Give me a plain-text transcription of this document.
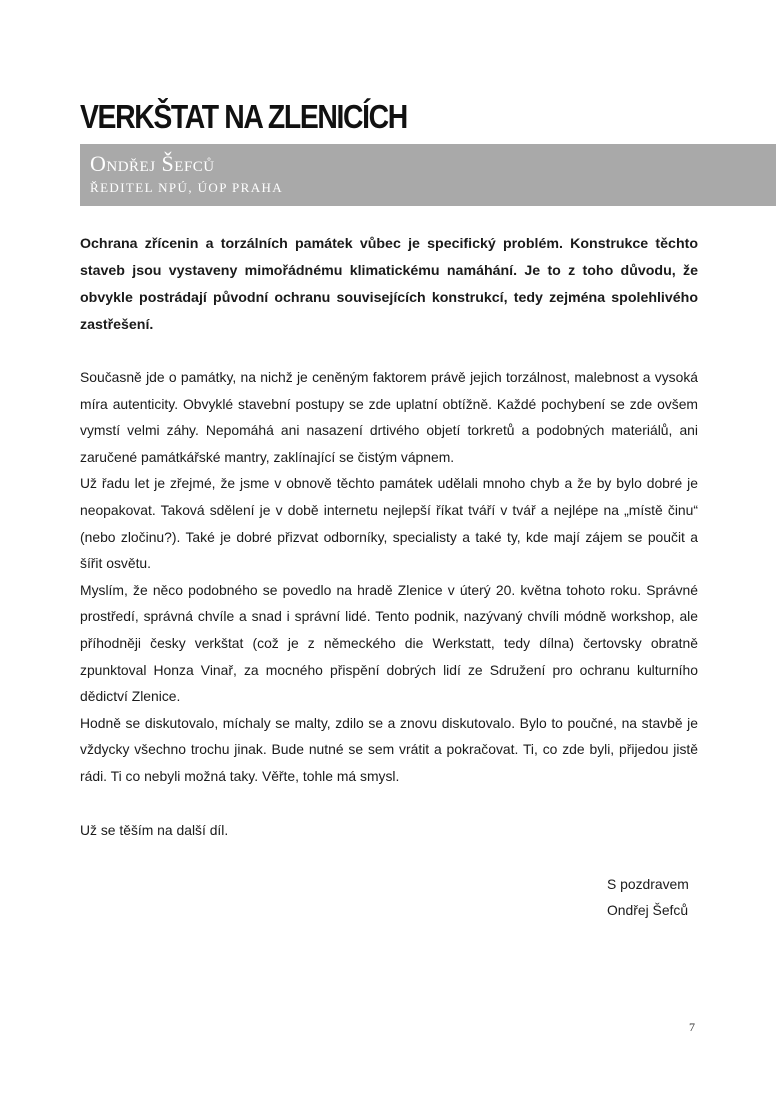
VERKŠTAT NA ZLENICÍCH
Ondřej Šefců
ŘEDITEL NPÚ, ÚOP PRAHA

Ochrana zřícenin a torzálních památek vůbec je specifický problém. Konstrukce těchto staveb jsou vystaveny mimořádnému klimatickému namáhání. Je to z toho důvodu, že obvykle postrádají původní ochranu souvisejících konstrukcí, tedy zejména spolehlivého zastřešení.

Současně jde o památky, na nichž je ceněným faktorem právě jejich torzálnost, malebnost a vysoká míra autenticity. Obvyklé stavební postupy se zde uplatní obtížně. Každé pochybení se zde ovšem vymstí velmi záhy. Nepomáhá ani nasazení drtivého objetí torkretů a podobných materiálů, ani zaručené památkářské mantry, zaklínající se čistým vápnem.

Už řadu let je zřejmé, že jsme v obnově těchto památek udělali mnoho chyb a že by bylo dobré je neopakovat. Taková sdělení je v době internetu nejlepší říkat tváří v tvář a nejlépe na „místě činu“ (nebo zločinu?). Také je dobré přizvat odborníky, specialisty a také ty, kde mají zájem se poučit a šířit osvětu.

Myslím, že něco podobného se povedlo na hradě Zlenice v úterý 20. května tohoto roku. Správné prostředí, správná chvíle a snad i správní lidé. Tento podnik, nazývaný chvíli módně workshop, ale příhodněji česky verkštat (což je z německého die Werkstatt, tedy dílna) čertovsky obratně zpunktoval Honza Vinař, za mocného přispění dobrých lidí ze Sdružení pro ochranu kulturního dědictví Zlenice.

Hodně se diskutovalo, míchaly se malty, zdilo se a znovu diskutovalo. Bylo to poučné, na stavbě je vždycky všechno trochu jinak. Bude nutné se sem vrátit a pokračovat. Ti, co zde byli, přijedou jistě rádi. Ti co nebyli možná taky. Věřte, tohle má smysl.

Už se těším na další díl.

S pozdravem
Ondřej Šefců
7
